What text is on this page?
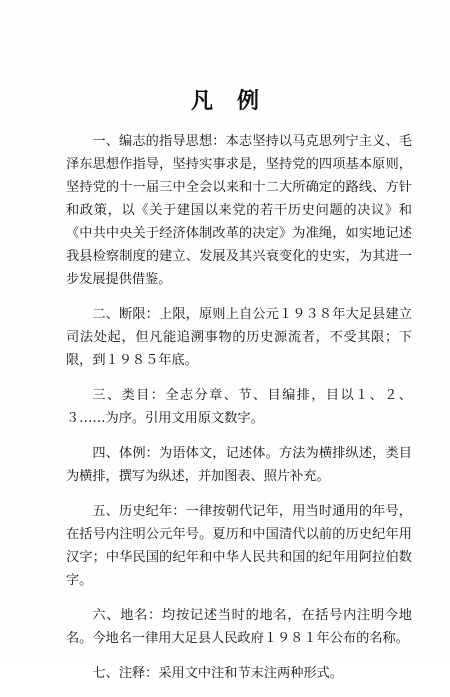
凡例

一、编志的指导思想：本志坚持以马克思列宁主义、毛泽东思想作指导，坚持实事求是，坚持党的四项基本原则，坚持党的十一届三中全会以来和十二大所确定的路线、方针和政策，以《关于建国以来党的若干历史问题的决议》和《中共中央关于经济体制改革的决定》为准绳，如实地记述我县检察制度的建立、发展及其兴衰变化的史实，为其进一步发展提供借鉴。

二、断限：上限，原则上自公元１９３８年大足县建立司法处起，但凡能追溯事物的历史源流者，不受其限；下限，到１９８５年底。

三、类目：全志分章、节、目编排，目以１、２、３……为序。引用文用原文数字。

四、体例：为语体文，记述体。方法为横排纵述，类目为横排，撰写为纵述，并加图表、照片补充。

五、历史纪年：一律按朝代记年，用当时通用的年号，在括号内注明公元年号。夏历和中国清代以前的历史纪年用汉字；中华民国的纪年和中华人民共和国的纪年用阿拉伯数字。

六、地名：均按记述当时的地名，在括号内注明今地名。今地名一律用大足县人民政府１９８１年公布的名称。

七、注释：采用文中注和节末注两种形式。
